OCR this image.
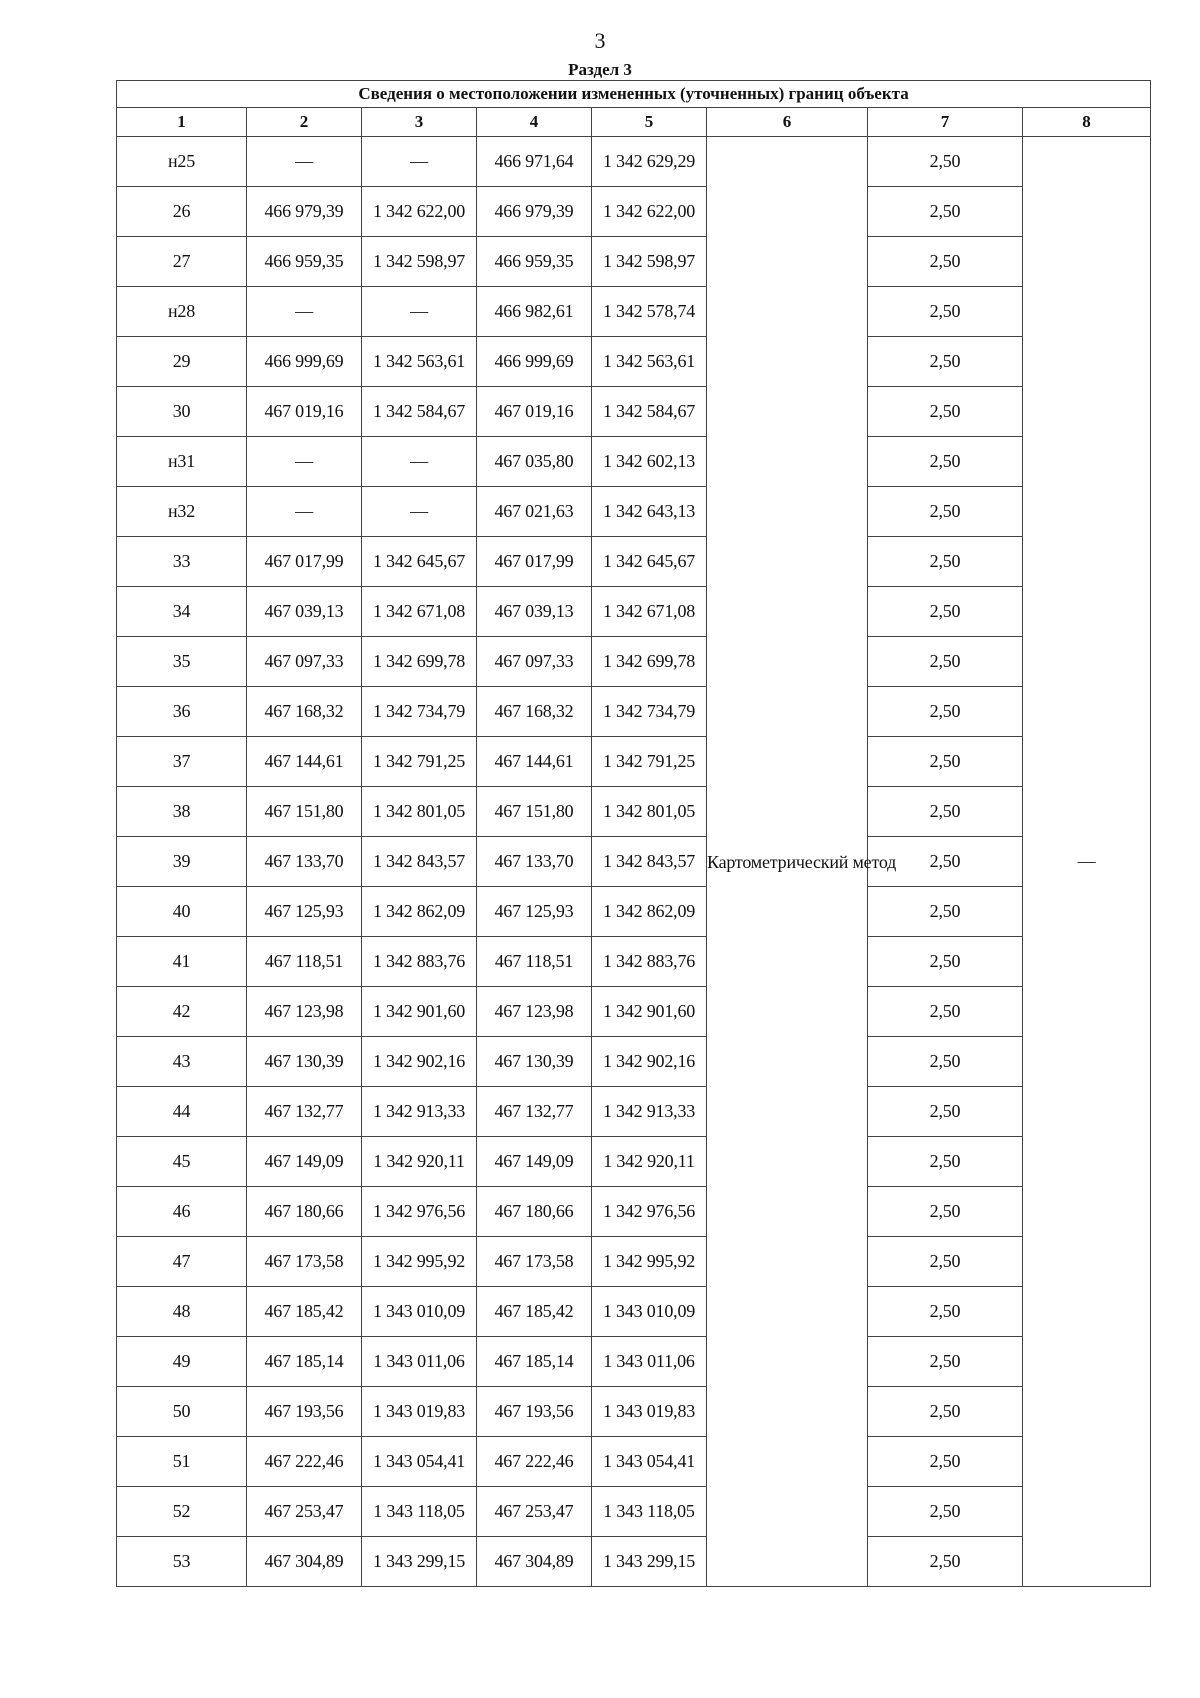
3
Раздел 3
Сведения о местоположении измененных (уточненных) границ объекта							
1	2	3	4	5	6	7	8
н25	—	—	466 971,64	1 342 629,29	Картометрический метод	2,50	—
26	466 979,39	1 342 622,00	466 979,39	1 342 622,00		2,50	
27	466 959,35	1 342 598,97	466 959,35	1 342 598,97		2,50	
н28	—	—	466 982,61	1 342 578,74		2,50	
29	466 999,69	1 342 563,61	466 999,69	1 342 563,61		2,50	
30	467 019,16	1 342 584,67	467 019,16	1 342 584,67		2,50	
н31	—	—	467 035,80	1 342 602,13		2,50	
н32	—	—	467 021,63	1 342 643,13		2,50	
33	467 017,99	1 342 645,67	467 017,99	1 342 645,67		2,50	
34	467 039,13	1 342 671,08	467 039,13	1 342 671,08		2,50	
35	467 097,33	1 342 699,78	467 097,33	1 342 699,78		2,50	
36	467 168,32	1 342 734,79	467 168,32	1 342 734,79		2,50	
37	467 144,61	1 342 791,25	467 144,61	1 342 791,25		2,50	
38	467 151,80	1 342 801,05	467 151,80	1 342 801,05		2,50	
39	467 133,70	1 342 843,57	467 133,70	1 342 843,57		2,50	
40	467 125,93	1 342 862,09	467 125,93	1 342 862,09		2,50	
41	467 118,51	1 342 883,76	467 118,51	1 342 883,76		2,50	
42	467 123,98	1 342 901,60	467 123,98	1 342 901,60		2,50	
43	467 130,39	1 342 902,16	467 130,39	1 342 902,16		2,50	
44	467 132,77	1 342 913,33	467 132,77	1 342 913,33		2,50	
45	467 149,09	1 342 920,11	467 149,09	1 342 920,11		2,50	
46	467 180,66	1 342 976,56	467 180,66	1 342 976,56		2,50	
47	467 173,58	1 342 995,92	467 173,58	1 342 995,92		2,50	
48	467 185,42	1 343 010,09	467 185,42	1 343 010,09		2,50	
49	467 185,14	1 343 011,06	467 185,14	1 343 011,06		2,50	
50	467 193,56	1 343 019,83	467 193,56	1 343 019,83		2,50	
51	467 222,46	1 343 054,41	467 222,46	1 343 054,41		2,50	
52	467 253,47	1 343 118,05	467 253,47	1 343 118,05		2,50	
53	467 304,89	1 343 299,15	467 304,89	1 343 299,15		2,50	
